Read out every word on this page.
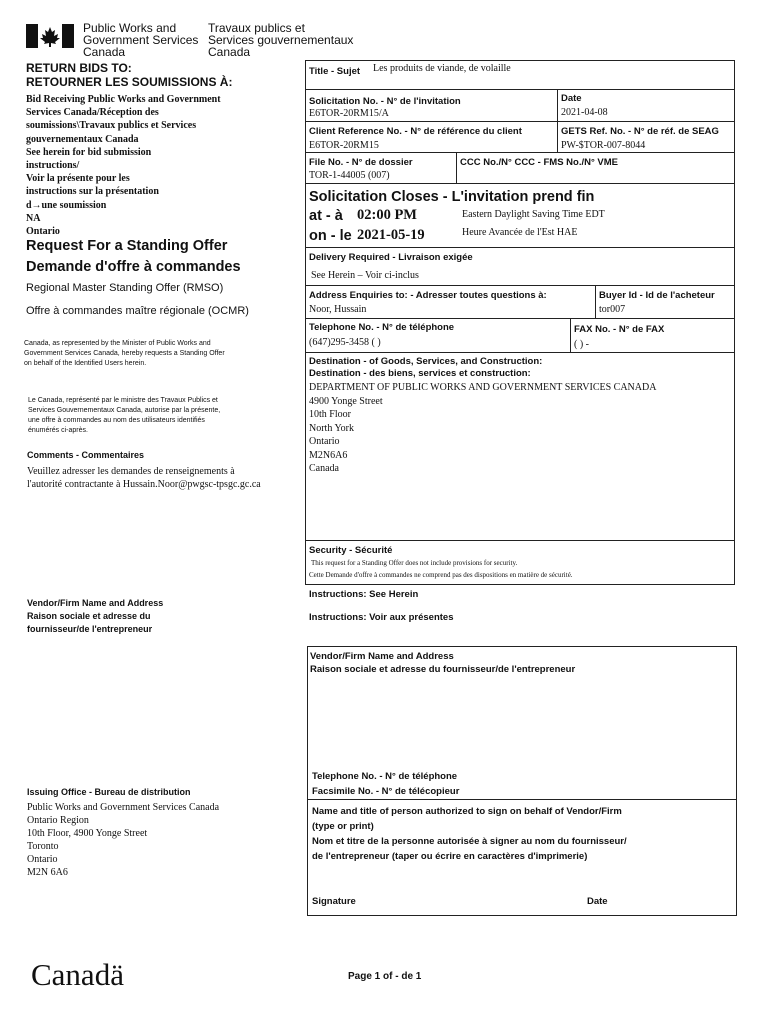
Public Works and
Government Services
Canada
Travaux publics et
Services gouvernementaux
Canada
RETURN BIDS TO:
RETOURNER LES SOUMISSIONS À:
Bid Receiving Public Works and Government
Services Canada/Réception des
soumissions\Travaux publics et Services
gouvernementaux Canada
See herein for bid submission
instructions/
Voir la présente pour les
instructions sur la présentation
d→une soumission
NA
Ontario
Request For a Standing Offer
Demande d'offre à commandes
Regional Master Standing Offer (RMSO)
Offre à commandes maître régionale (OCMR)
Canada, as represented by the Minister of Public Works and
Government Services Canada, hereby requests a Standing Offer
on behalf of the Identified Users herein.
Le Canada, représenté par le ministre des Travaux Publics et
Services Gouvernementaux Canada, autorise par la présente,
une offre à commandes au nom des utilisateurs identifiés
énumérés ci-après.
Comments - Commentaires
Veuillez adresser les demandes de renseignements à
l'autorité contractante à Hussain.Noor@pwgsc-tpsgc.gc.ca
Vendor/Firm Name and Address
Raison sociale et adresse du
fournisseur/de l'entrepreneur
Issuing Office - Bureau de distribution
Public Works and Government Services Canada
Ontario Region
10th Floor, 4900 Yonge Street
Toronto
Ontario
M2N 6A6
Title - Sujet Les produits de viande, de volaille
Solicitation No. - N° de l'invitation
E6TOR-20RM15/A
Date
2021-04-08
Client Reference No. - N° de référence du client
E6TOR-20RM15
GETS Ref. No. - N° de réf. de SEAG
PW-$TOR-007-8044
File No. - N° de dossier
TOR-1-44005 (007)
CCC No./N° CCC - FMS No./N° VME
Solicitation Closes - L'invitation prend fin
at - à 02:00 PM
on - le 2021-05-19
Eastern Daylight Saving Time EDT
Heure Avancée de l'Est HAE
Delivery Required - Livraison exigée
See Herein – Voir ci-inclus
Address Enquiries to: - Adresser toutes questions à:
Noor, Hussain
Buyer Id - Id de l'acheteur
tor007
Telephone No. - N° de téléphone
(647)295-3458 ( )
FAX No. - N° de FAX
( ) -
Destination - of Goods, Services, and Construction:
Destination - des biens, services et construction:
DEPARTMENT OF PUBLIC WORKS AND GOVERNMENT SERVICES CANADA
4900 Yonge Street
10th Floor
North York
Ontario
M2N6A6
Canada
Security - Sécurité
This request for a Standing Offer does not include provisions for security.
Cette Demande d'offre à commandes ne comprend pas des dispositions en matière de sécurité.
Instructions: See Herein
Instructions: Voir aux présentes
Vendor/Firm Name and Address
Raison sociale et adresse du fournisseur/de l'entrepreneur
Telephone No. - N° de téléphone
Facsimile No. - N° de télécopieur
Name and title of person authorized to sign on behalf of Vendor/Firm
(type or print)
Nom et titre de la personne autorisée à signer au nom du fournisseur/
de l'entrepreneur (taper ou écrire en caractères d'imprimerie)
Signature	Date
Canadä	Page 1 of - de 1
